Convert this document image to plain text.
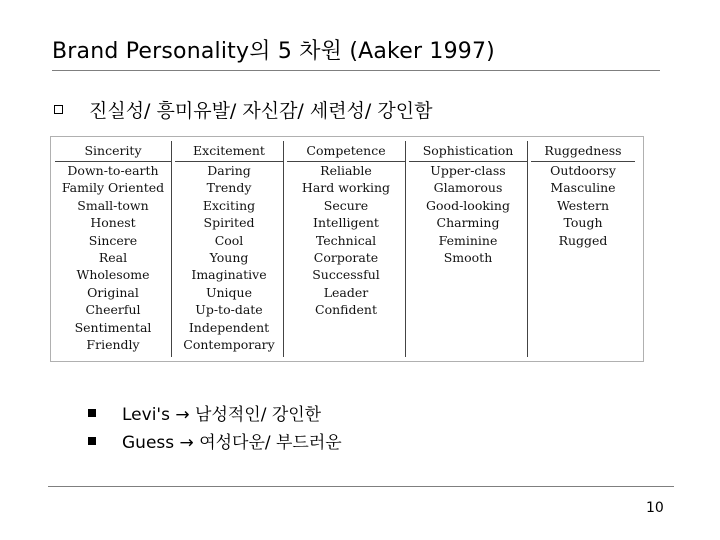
Brand Personality의 5 차원 (Aaker 1997)
진실성/ 흥미유발/ 자신감/ 세련성/ 강인함
Sincerity
Down-to-earth
Family Oriented
Small-town
Honest
Sincere
Real
Wholesome
Original
Cheerful
Sentimental
Friendly
Excitement
Daring
Trendy
Exciting
Spirited
Cool
Young
Imaginative
Unique
Up-to-date
Independent
Contemporary
Competence
Reliable
Hard working
Secure
Intelligent
Technical
Corporate
Successful
Leader
Confident
Sophistication
Upper-class
Glamorous
Good-looking
Charming
Feminine
Smooth
Ruggedness
Outdoorsy
Masculine
Western
Tough
Rugged
Levi's → 남성적인/ 강인한
Guess → 여성다운/ 부드러운
10
